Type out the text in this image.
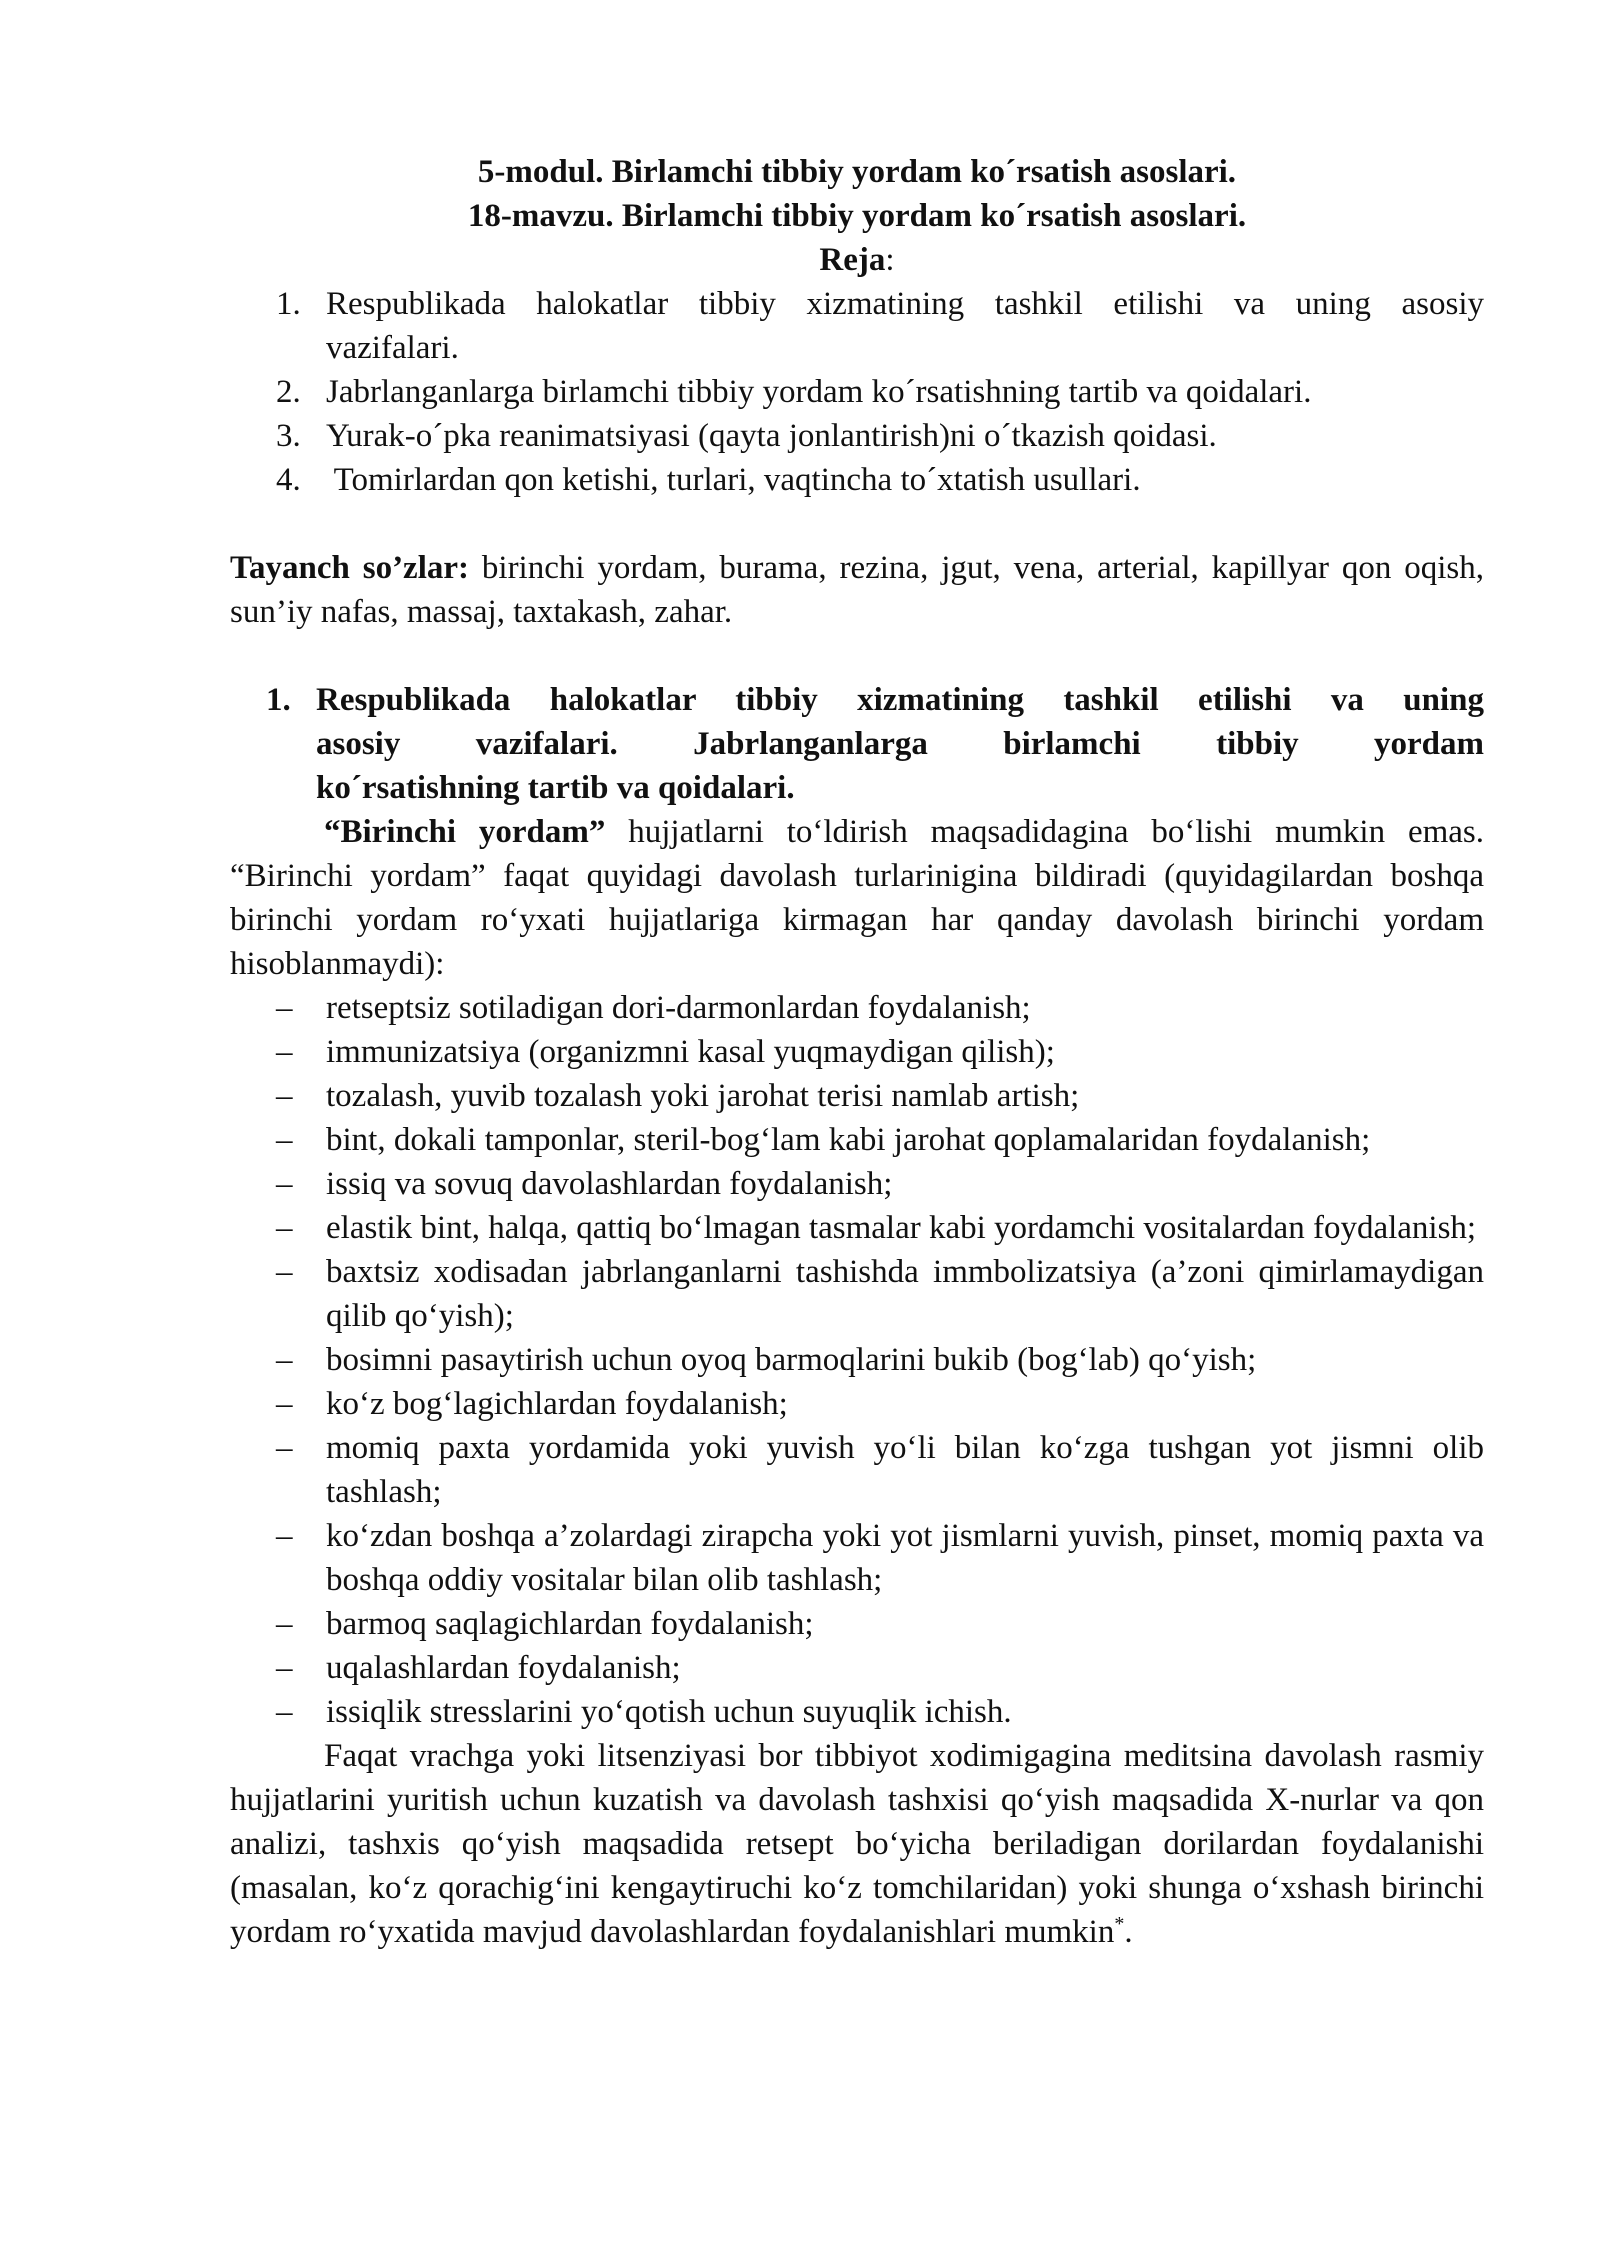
5-modul. Birlamchi tibbiy yordam ko´rsatish asoslari.
18-mavzu. Birlamchi tibbiy yordam ko´rsatish asoslari.
Reja:
1. Respublikada halokatlar tibbiy xizmatining tashkil etilishi va uning asosiy
vazifalari.
2. Jabrlanganlarga birlamchi tibbiy yordam ko´rsatishning tartib va qoidalari.
3. Yurak-o´pka reanimatsiyasi (qayta jonlantirish)ni o´tkazish qoidasi.
4. Tomirlardan qon ketishi, turlari, vaqtincha to´xtatish usullari.
Tayanch so’zlar: birinchi yordam, burama, rezina, jgut, vena, arterial, kapillyar qon oqish, sun’iy nafas, massaj, taxtakash, zahar.
1. Respublikada halokatlar tibbiy xizmatining tashkil etilishi va uning
asosiy vazifalari. Jabrlanganlarga birlamchi tibbiy yordam
ko´rsatishning tartib va qoidalari.

“Birinchi yordam” hujjatlarni to‘ldirish maqsadidagina bo‘lishi mumkin emas. “Birinchi yordam” faqat quyidagi davolash turlarinigina bildiradi (quyidagilardan boshqa birinchi yordam ro‘yxati hujjatlariga kirmagan har qanday davolash birinchi yordam hisoblanmaydi):

– retseptsiz sotiladigan dori-darmonlardan foydalanish;
– immunizatsiya (organizmni kasal yuqmaydigan qilish);
– tozalash, yuvib tozalash yoki jarohat terisi namlab artish;
– bint, dokali tamponlar, steril-bog‘lam kabi jarohat qoplamalaridan foydalanish;
– issiq va sovuq davolashlardan foydalanish;
– elastik bint, halqa, qattiq bo‘lmagan tasmalar kabi yordamchi vositalardan foydalanish;
– baxtsiz xodisadan jabrlanganlarni tashishda immbolizatsiya (a’zoni qimirlamaydigan qilib qo‘yish);
– bosimni pasaytirish uchun oyoq barmoqlarini bukib (bog‘lab) qo‘yish;
– ko‘z bog‘lagichlardan foydalanish;
– momiq paxta yordamida yoki yuvish yo‘li bilan ko‘zga tushgan yot jismni olib tashlash;
– ko‘zdan boshqa a’zolardagi zirapcha yoki yot jismlarni yuvish, pinset, momiq paxta va boshqa oddiy vositalar bilan olib tashlash;
– barmoq saqlagichlardan foydalanish;
– uqalashlardan foydalanish;
– issiqlik stresslarini yo‘qotish uchun suyuqlik ichish.

Faqat vrachga yoki litsenziyasi bor tibbiyot xodimigagina meditsina davolash rasmiy hujjatlarini yuritish uchun kuzatish va davolash tashxisi qo‘yish maqsadida X-nurlar va qon analizi, tashxis qo‘yish maqsadida retsept bo‘yicha beriladigan dorilardan foydalanishi (masalan, ko‘z qorachig‘ini kengaytiruchi ko‘z tomchilaridan) yoki shunga o‘xshash birinchi yordam ro‘yxatida mavjud davolashlardan foydalanishlari mumkin*.
